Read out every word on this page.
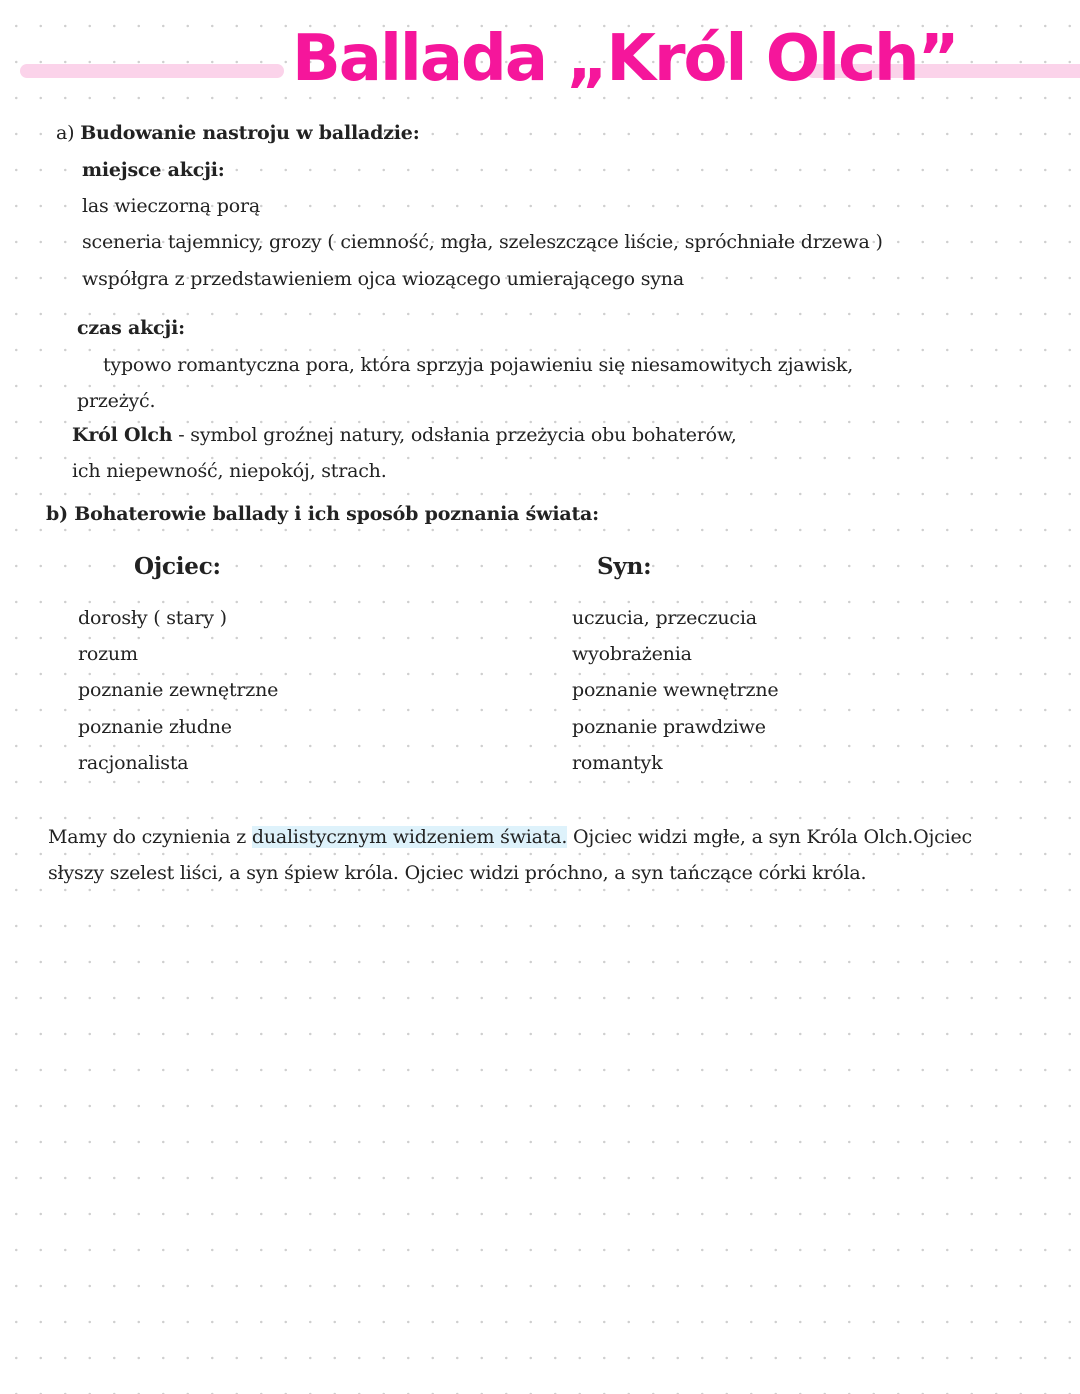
Ballada „Król Olch”
a) Budowanie nastroju w balladzie:
miejsce akcji:
las wieczorną porą
sceneria tajemnicy, grozy ( ciemność, mgła, szeleszczące liście, spróchniałe drzewa )
współgra z przedstawieniem ojca wiozącego umierającego syna
czas akcji:
typowo romantyczna pora, która sprzyja pojawieniu się niesamowitych zjawisk,
przeżyć.
Król Olch - symbol groźnej natury, odsłania przeżycia obu bohaterów,
ich niepewność, niepokój, strach.
b) Bohaterowie ballady i ich sposób poznania świata:
Ojciec:	Syn:
dorosły ( stary )
rozum
poznanie zewnętrzne
poznanie złudne
racjonalista
uczucia, przeczucia
wyobrażenia
poznanie wewnętrzne
poznanie prawdziwe
romantyk
Mamy do czynienia z dualistycznym widzeniem świata. Ojciec widzi mgłe, a syn Króla Olch.Ojciec
słyszy szelest liści, a syn śpiew króla. Ojciec widzi próchno, a syn tańczące córki króla.
